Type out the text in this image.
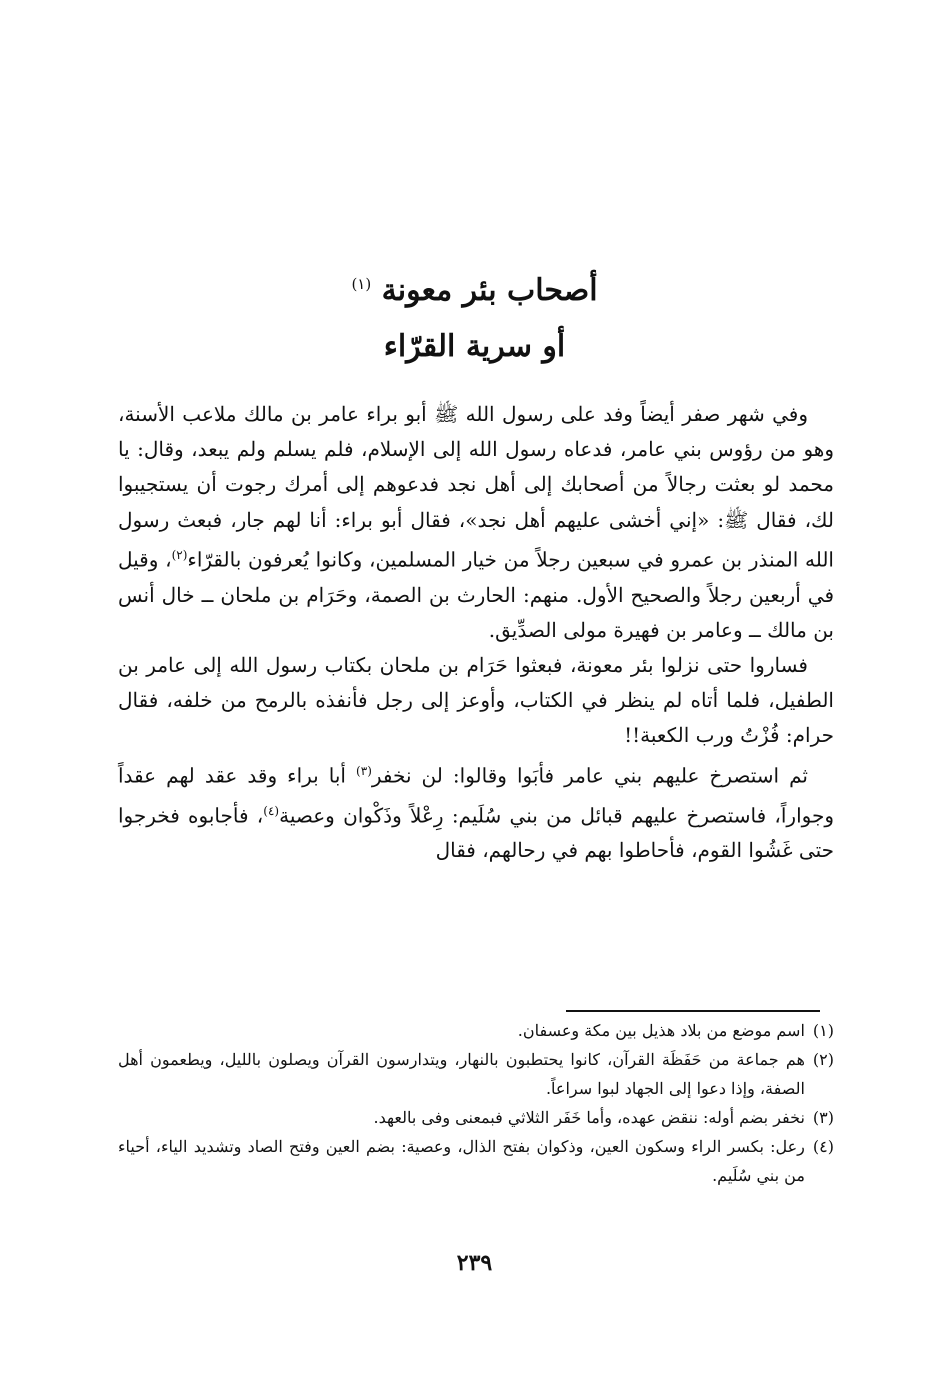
أصحاب بئر معونة $^{(١)}$
أو سرية القرّاء

وفي شهر صفر أيضاً وفد على رسول الله ﷺ أبو براء عامر بن مالك ملاعب الأسنة، وهو من رؤوس بني عامر، فدعاه رسول الله إلى الإسلام، فلم يسلم ولم يبعد، وقال: يا محمد لو بعثت رجالاً من أصحابك إلى أهل نجد فدعوهم إلى أمرك رجوت أن يستجيبوا لك، فقال ﷺ: «إني أخشى عليهم أهل نجد»، فقال أبو براء: أنا لهم جار، فبعث رسول الله المنذر بن عمرو في سبعين رجلاً من خيار المسلمين، وكانوا يُعرفون بالقرّاء$^{(٢)}$، وقيل في أربعين رجلاً والصحيح الأول. منهم: الحارث بن الصمة، وحَرَام بن ملحان ــ خال أنس بن مالك ــ وعامر بن فهيرة مولى الصدِّيق.

فساروا حتى نزلوا بئر معونة، فبعثوا حَرَام بن ملحان بكتاب رسول الله إلى عامر بن الطفيل، فلما أتاه لم ينظر في الكتاب، وأوعز إلى رجل فأنفذه بالرمح من خلفه، فقال حرام: فُزْتُ ورب الكعبة!!

ثم استصرخ عليهم بني عامر فأبَوا وقالوا: لن نخفر$^{(٣)}$ أبا براء وقد عقد لهم عقداً وجواراً، فاستصرخ عليهم قبائل من بني سُلَيم: رِعْلاً وذَكْوان وعصية$^{(٤)}$، فأجابوه فخرجوا حتى غَشُوا القوم، فأحاطوا بهم في رحالهم، فقال

(١)
اسم موضع من بلاد هذيل بين مكة وعسفان.
(٢)
هم جماعة من حَفَظَة القرآن، كانوا يحتطبون بالنهار، ويتدارسون القرآن ويصلون بالليل، ويطعمون أهل الصفة، وإذا دعوا إلى الجهاد لبوا سراعاً.
(٣)
نخفر بضم أوله: ننقض عهده، وأما خَفَر الثلاثي فبمعنى وفى بالعهد.
(٤)
رعل: بكسر الراء وسكون العين، وذكوان بفتح الذال، وعصية: بضم العين وفتح الصاد وتشديد الياء، أحياء من بني سُلَيم.
٢٣٩
